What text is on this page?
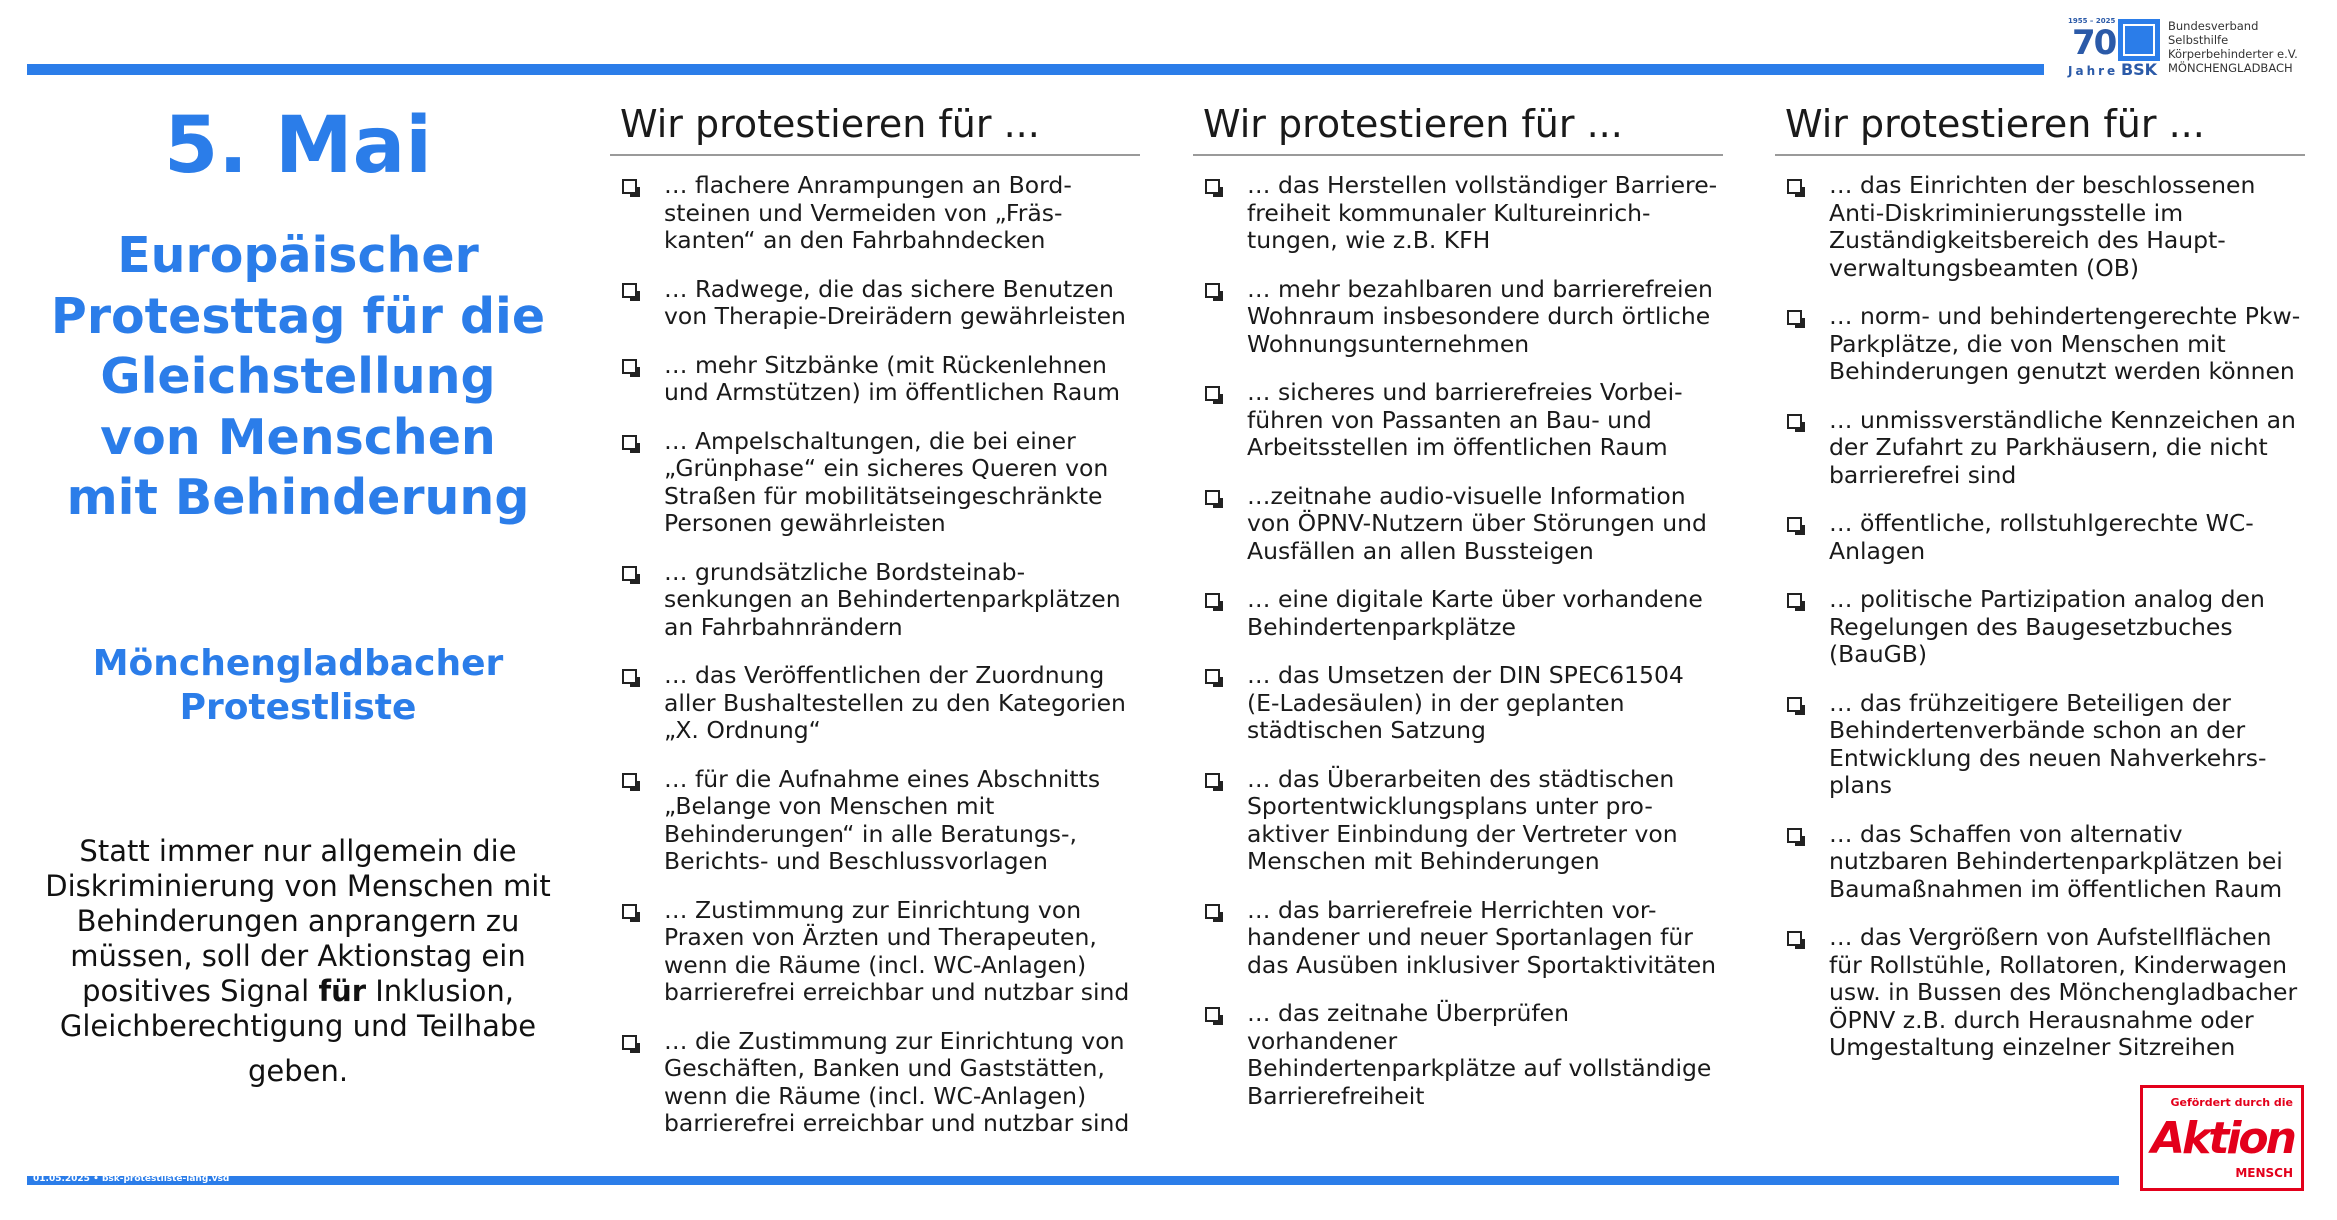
01.05.2025 • bsk-protestliste-lang.vsd
1955 – 2025
70
Jahre BSK
Bundesverband
Selbsthilfe
Körperbehinderter e.V.
MÖNCHENGLADBACH
5. Mai
Europäischer
Protesttag für die
Gleichstellung
von Menschen
mit Behinderung
Mönchengladbacher
Protestliste
Statt immer nur allgemein die Diskriminierung von Menschen mit Behinderungen anprangern zu müssen, soll der Aktionstag ein positives Signal für Inklusion, Gleichberechtigung und Teilhabe
geben.
Wir protestieren für ...
… flachere Anrampungen an Bord-
steinen und Vermeiden von „Fräs-
kanten“ an den Fahrbahndecken
… Radwege, die das sichere Benutzen
von Therapie-Dreirädern gewährleisten
… mehr Sitzbänke (mit Rückenlehnen
und Armstützen) im öffentlichen Raum
… Ampelschaltungen, die bei einer
„Grünphase“ ein sicheres Queren von
Straßen für mobilitätseingeschränkte
Personen gewährleisten
… grundsätzliche Bordsteinab-
senkungen an Behindertenparkplätzen
an Fahrbahnrändern
… das Veröffentlichen der Zuordnung
aller Bushaltestellen zu den Kategorien
„X. Ordnung“
… für die Aufnahme eines Abschnitts
„Belange von Menschen mit
Behinderungen“ in alle Beratungs-,
Berichts- und Beschlussvorlagen
… Zustimmung zur Einrichtung von
Praxen von Ärzten und Therapeuten,
wenn die Räume (incl. WC-Anlagen)
barrierefrei erreichbar und nutzbar sind
… die Zustimmung zur Einrichtung von
Geschäften, Banken und Gaststätten,
wenn die Räume (incl. WC-Anlagen)
barrierefrei erreichbar und nutzbar sind
Wir protestieren für ...
… das Herstellen vollständiger Barriere-
freiheit kommunaler Kultureinrich-
tungen, wie z.B. KFH
… mehr bezahlbaren und barrierefreien
Wohnraum insbesondere durch örtliche
Wohnungsunternehmen
… sicheres und barrierefreies Vorbei-
führen von Passanten an Bau- und
Arbeitsstellen im öffentlichen Raum
…zeitnahe audio-visuelle Information
von ÖPNV-Nutzern über Störungen und
Ausfällen an allen Bussteigen
… eine digitale Karte über vorhandene
Behindertenparkplätze
… das Umsetzen der DIN SPEC61504
(E-Ladesäulen) in der geplanten
städtischen Satzung
… das Überarbeiten des städtischen
Sportentwicklungsplans unter pro-
aktiver Einbindung der Vertreter von
Menschen mit Behinderungen
… das barrierefreie Herrichten vor-
handener und neuer Sportanlagen für
das Ausüben inklusiver Sportaktivitäten
… das zeitnahe Überprüfen vorhandener
Behindertenparkplätze auf vollständige
Barrierefreiheit
Wir protestieren für ...
… das Einrichten der beschlossenen
Anti-Diskriminierungsstelle im
Zuständigkeitsbereich des Haupt-
verwaltungsbeamten (OB)
… norm- und behindertengerechte Pkw-
Parkplätze, die von Menschen mit
Behinderungen genutzt werden können
… unmissverständliche Kennzeichen an
der Zufahrt zu Parkhäusern, die nicht
barrierefrei sind
… öffentliche, rollstuhlgerechte WC-
Anlagen
… politische Partizipation analog den
Regelungen des Baugesetzbuches
(BauGB)
… das frühzeitigere Beteiligen der
Behindertenverbände schon an der
Entwicklung des neuen Nahverkehrs-
plans
… das Schaffen von alternativ
nutzbaren Behindertenparkplätzen bei
Baumaßnahmen im öffentlichen Raum
… das Vergrößern von Aufstellflächen
für Rollstühle, Rollatoren, Kinderwagen
usw. in Bussen des Mönchengladbacher
ÖPNV z.B. durch Herausnahme oder
Umgestaltung einzelner Sitzreihen
Gefördert durch die
Aktion
MENSCH
